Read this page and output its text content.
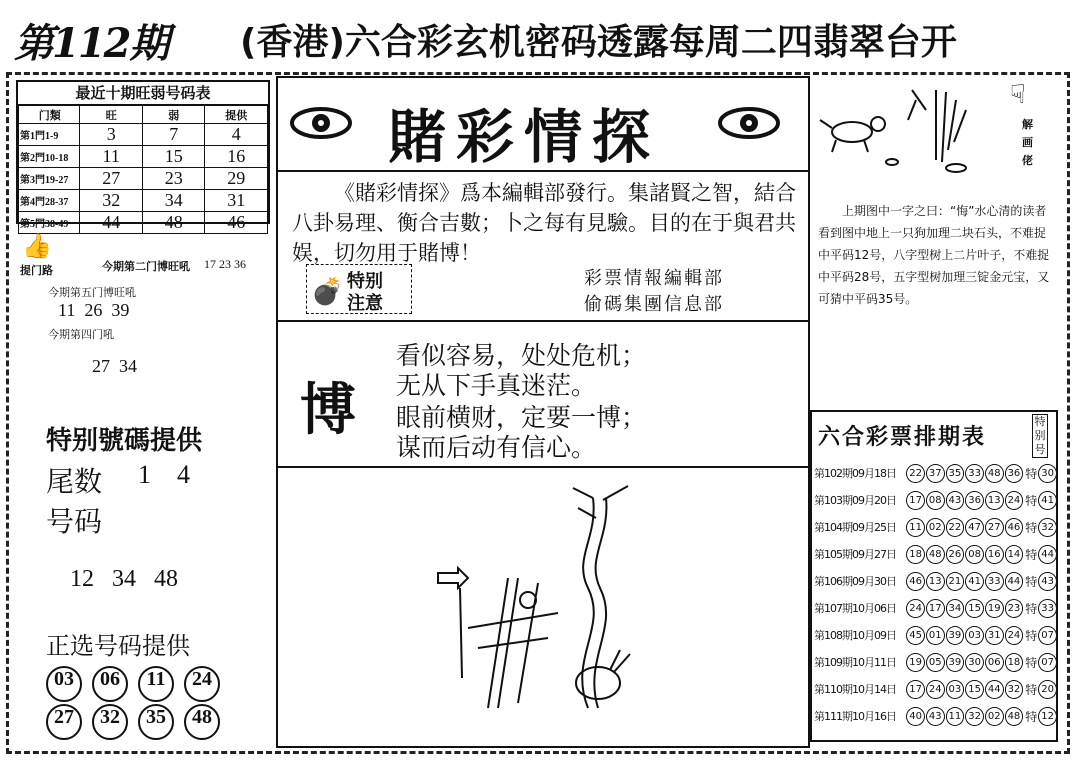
第112期 (香港)六合彩玄机密码透露每周二四翡翠台开
最近十期旺弱号码表
门類	旺	弱	提供
第1門1-9	3	7	4
第2門10-18	11	15	16
第3門19-27	27	23	29
第4門28-37	32	34	31
第5門38-49	44	48	46
👍
提门路	今期第二门博旺吼 17 23 36
今期第五门博旺吼
11  26  39
今期第四门吼
27  34
特别號碼提供
尾数 1    4
号码
12   34   48
正选号码提供
03 06 11 24
27 32 35 48
賭彩情探
《賭彩情探》爲本編輯部發行。集諸賢之智，結合八卦易理、衡合吉數；卜之每有見驗。目的在于與君共娱，切勿用于賭博！
💣 特别
注意
彩票情報編輯部
偷碼集團信息部
博
看似容易，处处危机；
无从下手真迷茫。
眼前横财，定要一博；
谋而后动有信心。
☟
解画佬
上期图中一字之曰：“悔”水心清的读者看到图中地上一只狗加理二块石头，不难捉中平码12号，八字型树上二片叶子，不难捉中平码28号，五字型树加理三锭金元宝，又可猜中平码35号。
六合彩票排期表
特别号
第102期09月18日	22 37 35 33 48 36 特 30
第103期09月20日	17 08 43 36 13 24 特 41
第104期09月25日	11 02 22 47 27 46 特 32
第105期09月27日	18 48 26 08 16 14 特 44
第106期09月30日	46 13 21 41 33 44 特 43
第107期10月06日	24 17 34 15 19 23 特 33
第108期10月09日	45 01 39 03 31 24 特 07
第109期10月11日	19 05 39 30 06 18 特 07
第110期10月14日	17 24 03 15 44 32 特 20
第111期10月16日	40 43 11 32 02 48 特 12
